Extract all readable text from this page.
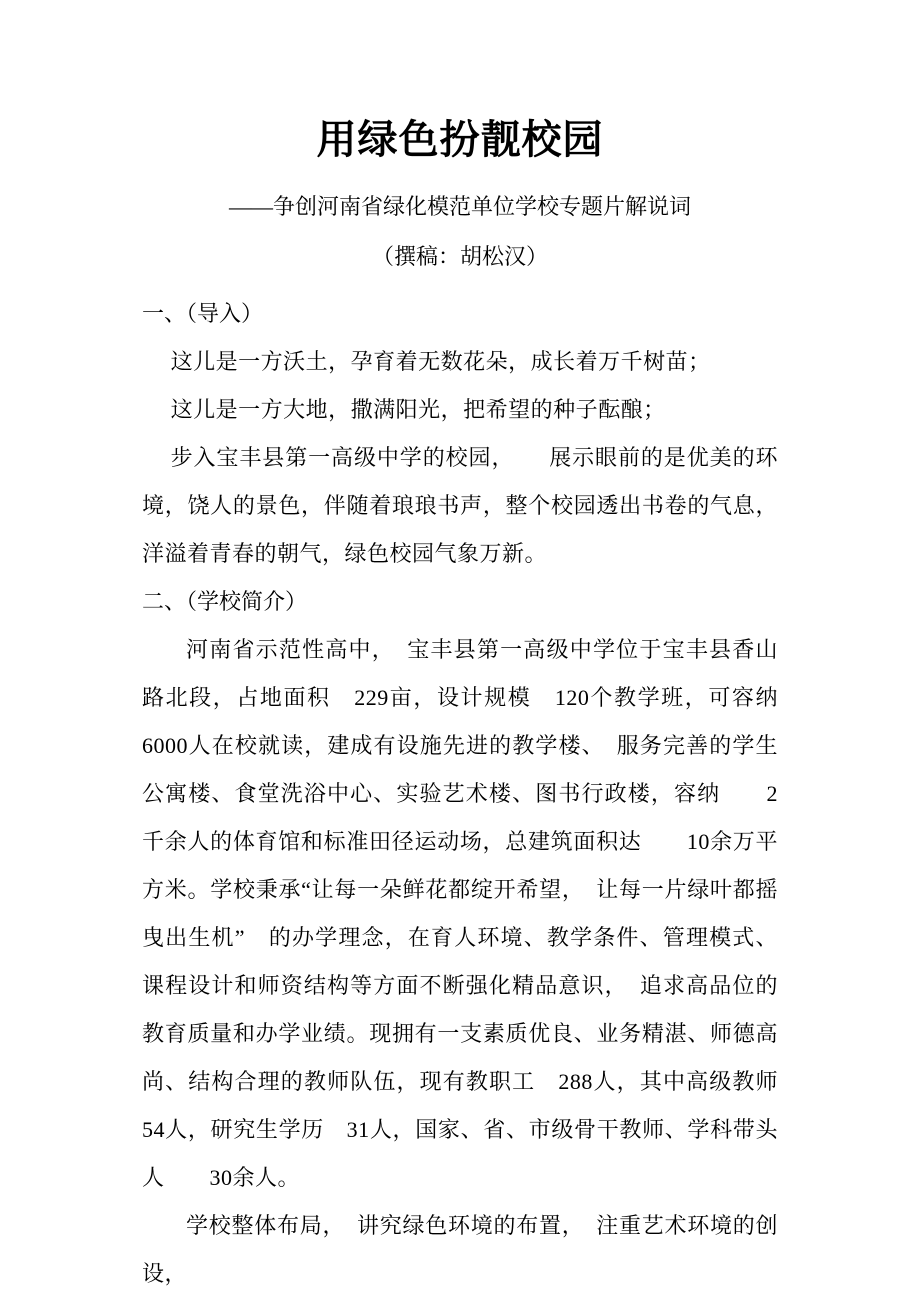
用绿色扮靓校园

——争创河南省绿化模范单位学校专题片解说词

（撰稿：胡松汉）

一、（导入）

这儿是一方沃土，孕育着无数花朵，成长着万千树苗；

这儿是一方大地，撒满阳光，把希望的种子酝酿；

步入宝丰县第一高级中学的校园，　　展示眼前的是优美的环境，饶人的景色，伴随着琅琅书声，整个校园透出书卷的气息，洋溢着青春的朝气，绿色校园气象万新。

二、（学校简介）

河南省示范性高中，　宝丰县第一高级中学位于宝丰县香山路北段，占地面积　229亩，设计规模　120个教学班，可容纳　6000人在校就读，建成有设施先进的教学楼、　服务完善的学生公寓楼、食堂洗浴中心、实验艺术楼、图书行政楼，容纳　　2千余人的体育馆和标准田径运动场，总建筑面积达　　10余万平方米。学校秉承“让每一朵鲜花都绽开希望，　让每一片绿叶都摇曳出生机”　的办学理念，在育人环境、教学条件、管理模式、课程设计和师资结构等方面不断强化精品意识，　追求高品位的教育质量和办学业绩。现拥有一支素质优良、业务精湛、师德高尚、结构合理的教师队伍，现有教职工　288人，其中高级教师　54人，研究生学历　31人，国家、省、市级骨干教师、学科带头人　　30余人。

学校整体布局，　讲究绿色环境的布置，　注重艺术环境的创设，
